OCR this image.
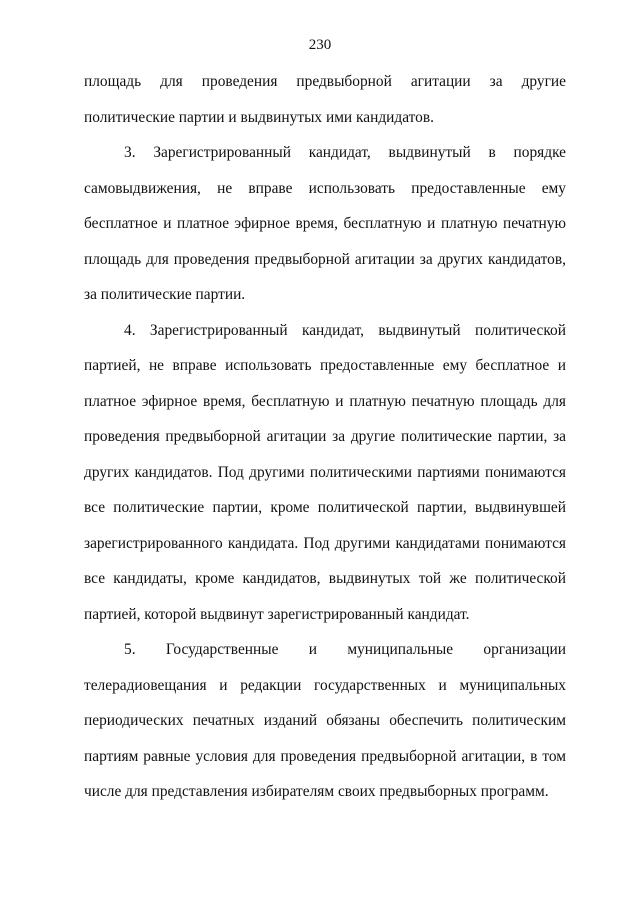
230

площадь для проведения предвыборной агитации за другие политические партии и выдвинутых ими кандидатов.

3. Зарегистрированный кандидат, выдвинутый в порядке самовыдвижения, не вправе использовать предоставленные ему бесплатное и платное эфирное время, бесплатную и платную печатную площадь для проведения предвыборной агитации за других кандидатов, за политические партии.

4. Зарегистрированный кандидат, выдвинутый политической партией, не вправе использовать предоставленные ему бесплатное и платное эфирное время, бесплатную и платную печатную площадь для проведения предвыборной агитации за другие политические партии, за других кандидатов. Под другими политическими партиями понимаются все политические партии, кроме политической партии, выдвинувшей зарегистрированного кандидата. Под другими кандидатами понимаются все кандидаты, кроме кандидатов, выдвинутых той же политической партией, которой выдвинут зарегистрированный кандидат.

5. Государственные и муниципальные организации телерадиовещания и редакции государственных и муниципальных периодических печатных изданий обязаны обеспечить политическим партиям равные условия для проведения предвыборной агитации, в том числе для представления избирателям своих предвыборных программ.
